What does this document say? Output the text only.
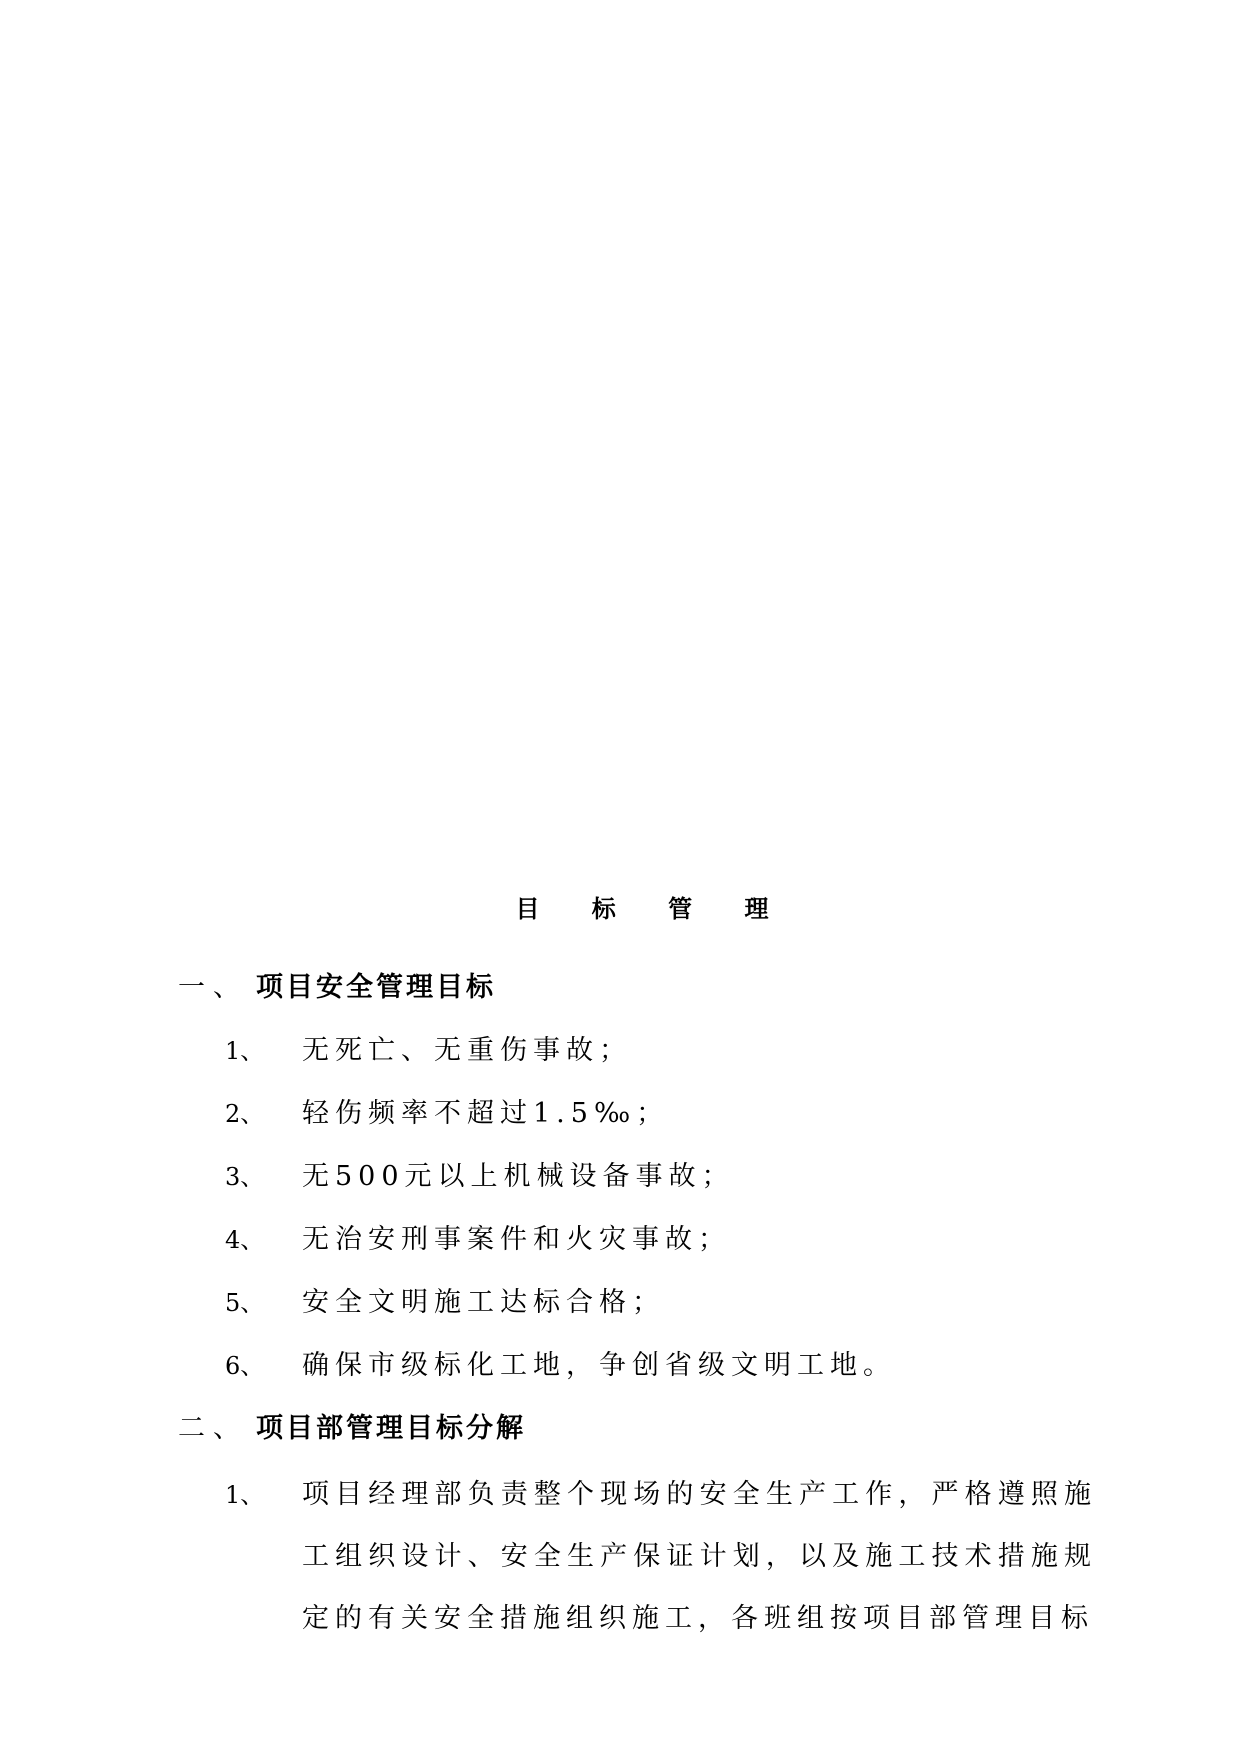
目 标 管 理
一、 项目安全管理目标
1、 无死亡、无重伤事故；
2、 轻伤频率不超过1.5‰；
3、 无500元以上机械设备事故；
4、 无治安刑事案件和火灾事故；
5、 安全文明施工达标合格；
6、 确保市级标化工地，争创省级文明工地。
二、 项目部管理目标分解
1、 项目经理部负责整个现场的安全生产工作，严格遵照施工组织设计、安全生产保证计划，以及施工技术措施规定的有关安全措施组织施工，各班组按项目部管理目标
